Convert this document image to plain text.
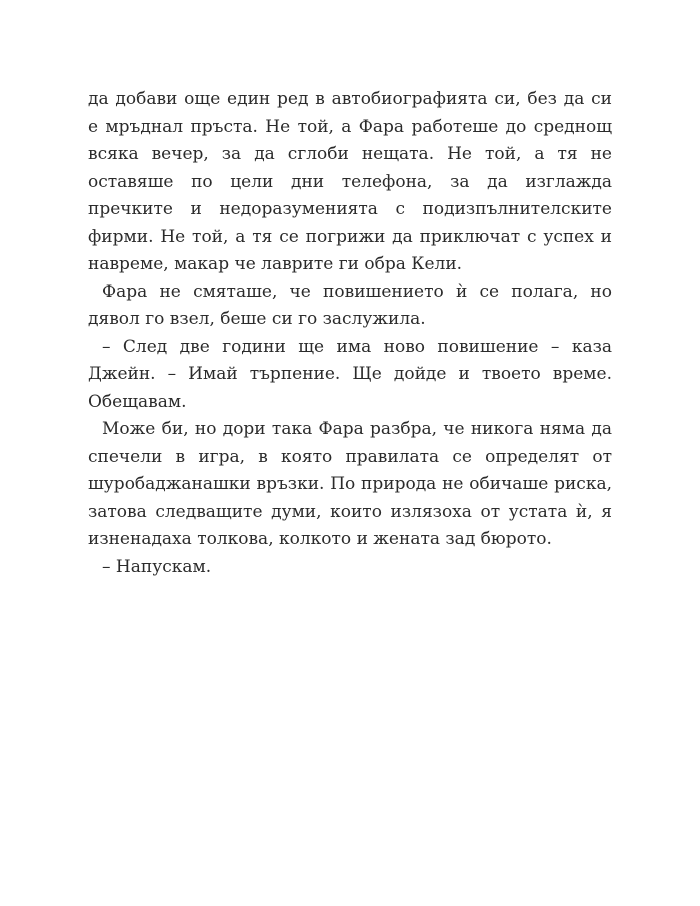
да добави още един ред в автобиографията си, без да си е мръднал пръста. Не той, а Фара работеше до среднощ всяка вечер, за да сглоби нещата. Не той, а тя не оставяше по цели дни телефона, за да изглажда пречките и недоразуменията с подизпълнителските фирми. Не той, а тя се погрижи да приключат с успех и навреме, макар че лаврите ги обра Кели.

Фара не смяташе, че повишението ѝ се полага, но дявол го взел, беше си го заслужила.

– След две години ще има ново повишение – каза Джейн. – Имай търпение. Ще дойде и твоето време. Обещавам.

Може би, но дори така Фара разбра, че никога няма да спечели в игра, в която правилата се определят от шуробаджанашки връзки. По природа не обичаше риска, затова следващите думи, които излязоха от устата ѝ, я изненадаха толкова, колкото и жената зад бюрото.

– Напускам.
